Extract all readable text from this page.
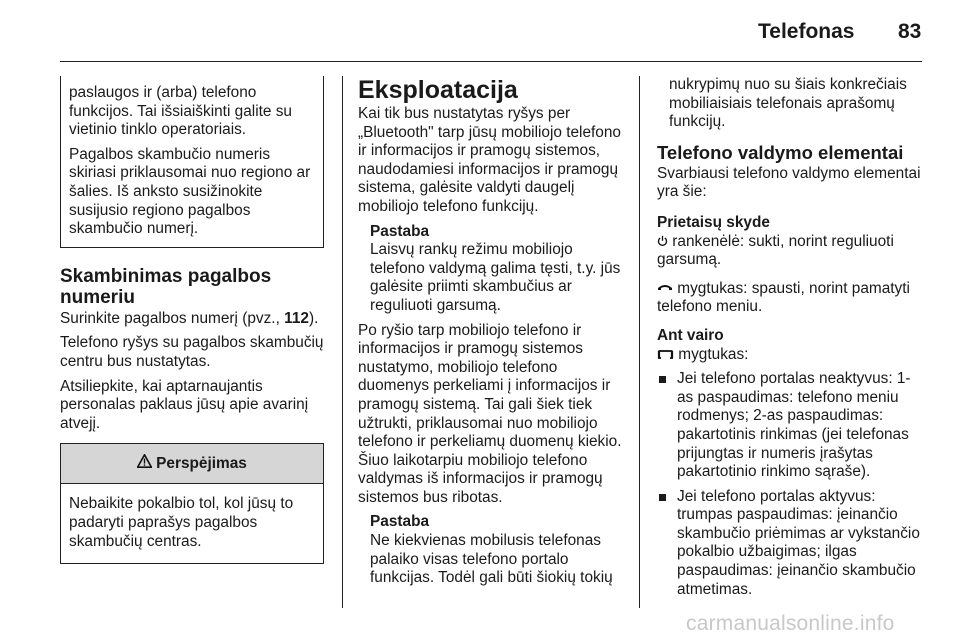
Telefonas 83

paslaugos ir (arba) telefono funkcijos. Tai išsiaiškinti galite su vietinio tinklo operatoriais.

Pagalbos skambučio numeris skiriasi priklausomai nuo regiono ar šalies. Iš anksto susižinokite susijusio regiono pagalbos skambučio numerį.

Skambinimas pagalbos numeriu

Surinkite pagalbos numerį (pvz., 112).

Telefono ryšys su pagalbos skambučių centru bus nustatytas.

Atsiliepkite, kai aptarnaujantis personalas paklaus jūsų apie avarinį atvejį.

Perspėjimas
Nebaikite pokalbio tol, kol jūsų to padaryti paprašys pagalbos skambučių centras.
Eksploatacija

Kai tik bus nustatytas ryšys per „Bluetooth" tarp jūsų mobiliojo telefono ir informacijos ir pramogų sistemos, naudodamiesi informacijos ir pramogų sistema, galėsite valdyti daugelį mobiliojo telefono funkcijų.

Pastaba
Laisvų rankų režimu mobiliojo telefono valdymą galima tęsti, t.y. jūs galėsite priimti skambučius ar reguliuoti garsumą.

Po ryšio tarp mobiliojo telefono ir informacijos ir pramogų sistemos nustatymo, mobiliojo telefono duomenys perkeliami į informacijos ir pramogų sistemą. Tai gali šiek tiek užtrukti, priklausomai nuo mobiliojo telefono ir perkeliamų duomenų kiekio. Šiuo laikotarpiu mobiliojo telefono valdymas iš informacijos ir pramogų sistemos bus ribotas.

Pastaba
Ne kiekvienas mobilusis telefonas palaiko visas telefono portalo funkcijas. Todėl gali būti šiokių tokių

nukrypimų nuo su šiais konkrečiais mobiliaisiais telefonais aprašomų funkcijų.

Telefono valdymo elementai

Svarbiausi telefono valdymo elementai yra šie:

Prietaisų skyde

rankenėlė: sukti, norint reguliuoti garsumą.

mygtukas: spausti, norint pamatyti telefono meniu.

Ant vairo

mygtukas:

Jei telefono portalas neaktyvus: 1-as paspaudimas: telefono meniu rodmenys; 2-as paspaudimas: pakartotinis rinkimas (jei telefonas prijungtas ir numeris įrašytas pakartotinio rinkimo sąraše).
Jei telefono portalas aktyvus: trumpas paspaudimas: įeinančio skambučio priėmimas ar vykstančio pokalbio užbaigimas; ilgas paspaudimas: įeinančio skambučio atmetimas.
carmanualsonline.info
